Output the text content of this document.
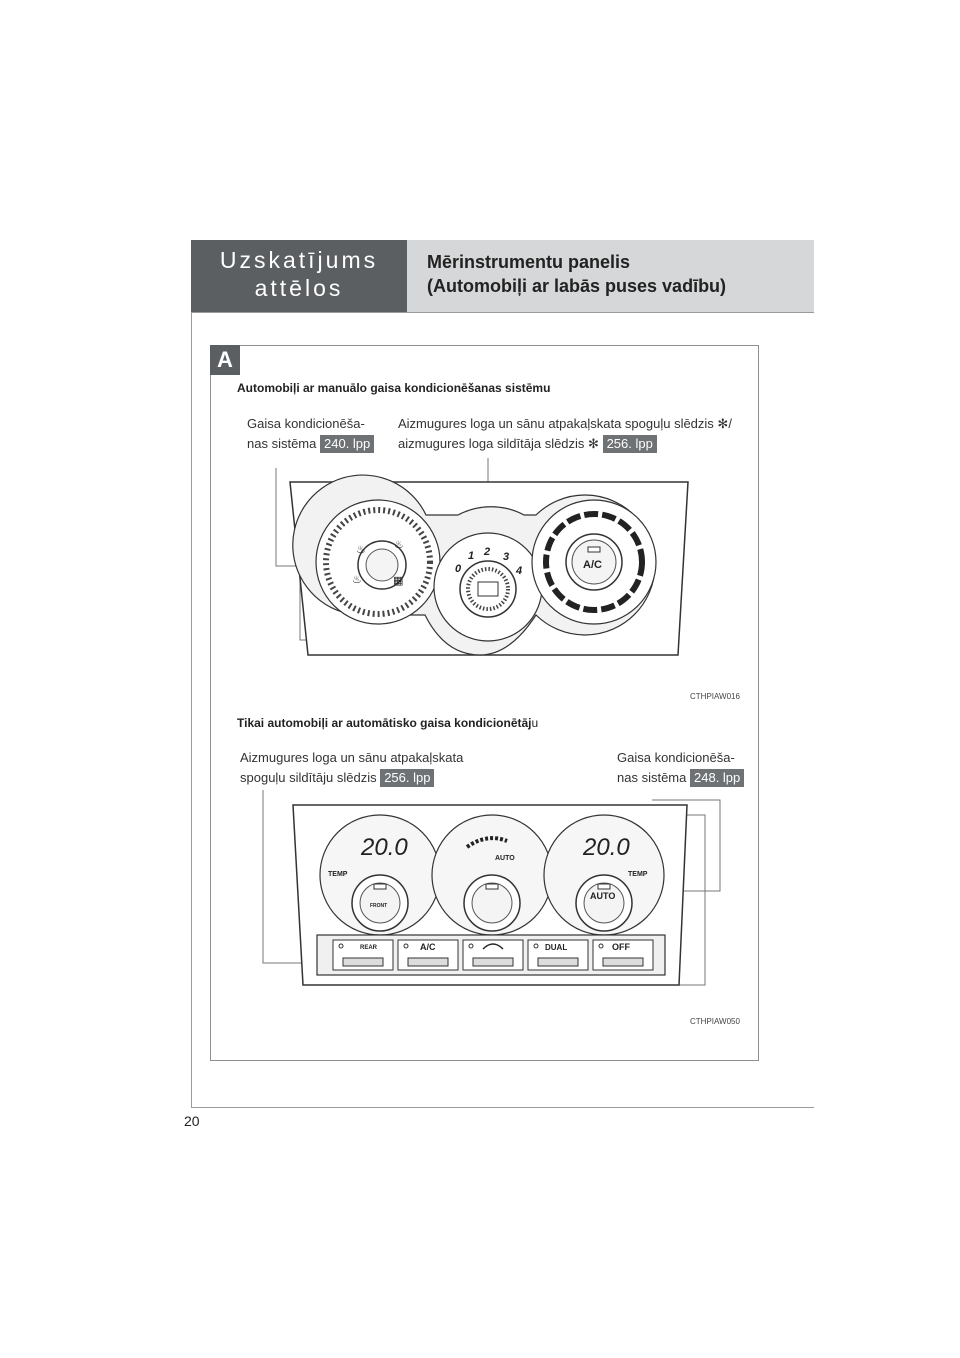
Uzskatījums
attēlos
Mērinstrumentu panelis
(Automobiļi ar labās puses vadību)
20
A
Automobiļi ar manuālo gaisa kondicionēšanas sistēmu
Gaisa kondicionēša-
nas sistēma 240. lpp
Aizmugures loga un sānu atpakaļskata spoguļu slēdzis ✻/
aizmugures loga sildītāja slēdzis ✻ 256. lpp
♨	♨
♨	▦
0
1 2 3
4	A/C
CTHPIAW016
Tikai automobiļi ar automātisko gaisa kondicionētāju
Aizmugures loga un sānu atpakaļskata
spoguļu sildītāju slēdzis 256. lpp
Gaisa kondicionēša-
nas sistēma 248. lpp
20.0
TEMP
FRONT
AUTO	20.0
TEMP
AUTO
REAR	A/C	DUAL	OFF
CTHPIAW050
